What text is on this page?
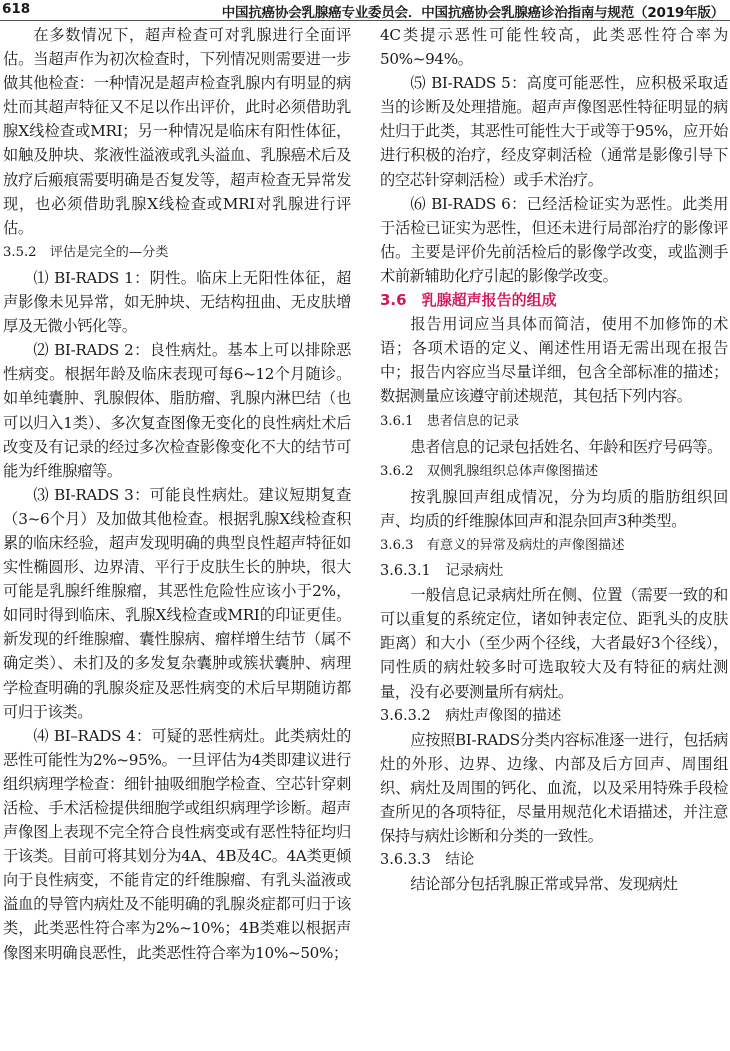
618	中国抗癌协会乳腺癌专业委员会．中国抗癌协会乳腺癌诊治指南与规范（2019年版）

在多数情况下，超声检查可对乳腺进行全面评估。当超声作为初次检查时，下列情况则需要进一步做其他检查：一种情况是超声检查乳腺内有明显的病灶而其超声特征又不足以作出评价，此时必须借助乳腺X线检查或MRI；另一种情况是临床有阳性体征，如触及肿块、浆液性溢液或乳头溢血、乳腺癌术后及放疗后瘢痕需要明确是否复发等，超声检查无异常发现，也必须借助乳腺X线检查或MRI对乳腺进行评估。

3.5.2 评估是完全的—分类

⑴ BI-RADS 1：阴性。临床上无阳性体征，超声影像未见异常，如无肿块、无结构扭曲、无皮肤增厚及无微小钙化等。

⑵ BI-RADS 2：良性病灶。基本上可以排除恶性病变。根据年龄及临床表现可每6~12个月随诊。如单纯囊肿、乳腺假体、脂肪瘤、乳腺内淋巴结（也可以归入1类）、多次复查图像无变化的良性病灶术后改变及有记录的经过多次检查影像变化不大的结节可能为纤维腺瘤等。

⑶ BI-RADS 3：可能良性病灶。建议短期复查（3~6个月）及加做其他检查。根据乳腺X线检查积累的临床经验，超声发现明确的典型良性超声特征如实性椭圆形、边界清、平行于皮肤生长的肿块，很大可能是乳腺纤维腺瘤，其恶性危险性应该小于2%，如同时得到临床、乳腺X线检查或MRI的印证更佳。新发现的纤维腺瘤、囊性腺病、瘤样增生结节（属不确定类）、未扪及的多发复杂囊肿或簇状囊肿、病理学检查明确的乳腺炎症及恶性病变的术后早期随访都可归于该类。

⑷ BI–RADS 4：可疑的恶性病灶。此类病灶的恶性可能性为2%~95%。一旦评估为4类即建议进行组织病理学检查：细针抽吸细胞学检查、空芯针穿刺活检、手术活检提供细胞学或组织病理学诊断。超声声像图上表现不完全符合良性病变或有恶性特征均归于该类。目前可将其划分为4A、4B及4C。4A类更倾向于良性病变，不能肯定的纤维腺瘤、有乳头溢液或溢血的导管内病灶及不能明确的乳腺炎症都可归于该类，此类恶性符合率为2%~10%；4B类难以根据声像图来明确良恶性，此类恶性符合率为10%~50%；

4C类提示恶性可能性较高，此类恶性符合率为50%~94%。

⑸ BI-RADS 5：高度可能恶性，应积极采取适当的诊断及处理措施。超声声像图恶性特征明显的病灶归于此类，其恶性可能性大于或等于95%，应开始进行积极的治疗，经皮穿刺活检（通常是影像引导下的空芯针穿刺活检）或手术治疗。

⑹ BI-RADS 6：已经活检证实为恶性。此类用于活检已证实为恶性，但还未进行局部治疗的影像评估。主要是评价先前活检后的影像学改变，或监测手术前新辅助化疗引起的影像学改变。

3.6 乳腺超声报告的组成

报告用词应当具体而简洁，使用不加修饰的术语；各项术语的定义、阐述性用语无需出现在报告中；报告内容应当尽量详细，包含全部标准的描述；数据测量应该遵守前述规范，其包括下列内容。

3.6.1 患者信息的记录

患者信息的记录包括姓名、年龄和医疗号码等。

3.6.2 双侧乳腺组织总体声像图描述

按乳腺回声组成情况，分为均质的脂肪组织回声、均质的纤维腺体回声和混杂回声3种类型。

3.6.3 有意义的异常及病灶的声像图描述
3.6.3.1 记录病灶

一般信息记录病灶所在侧、位置（需要一致的和可以重复的系统定位，诸如钟表定位、距乳头的皮肤距离）和大小（至少两个径线，大者最好3个径线），同性质的病灶较多时可选取较大及有特征的病灶测量，没有必要测量所有病灶。

3.6.3.2 病灶声像图的描述

应按照BI-RADS分类内容标准逐一进行，包括病灶的外形、边界、边缘、内部及后方回声、周围组织、病灶及周围的钙化、血流，以及采用特殊手段检查所见的各项特征，尽量用规范化术语描述，并注意保持与病灶诊断和分类的一致性。

3.6.3.3 结论

结论部分包括乳腺正常或异常、发现病灶
